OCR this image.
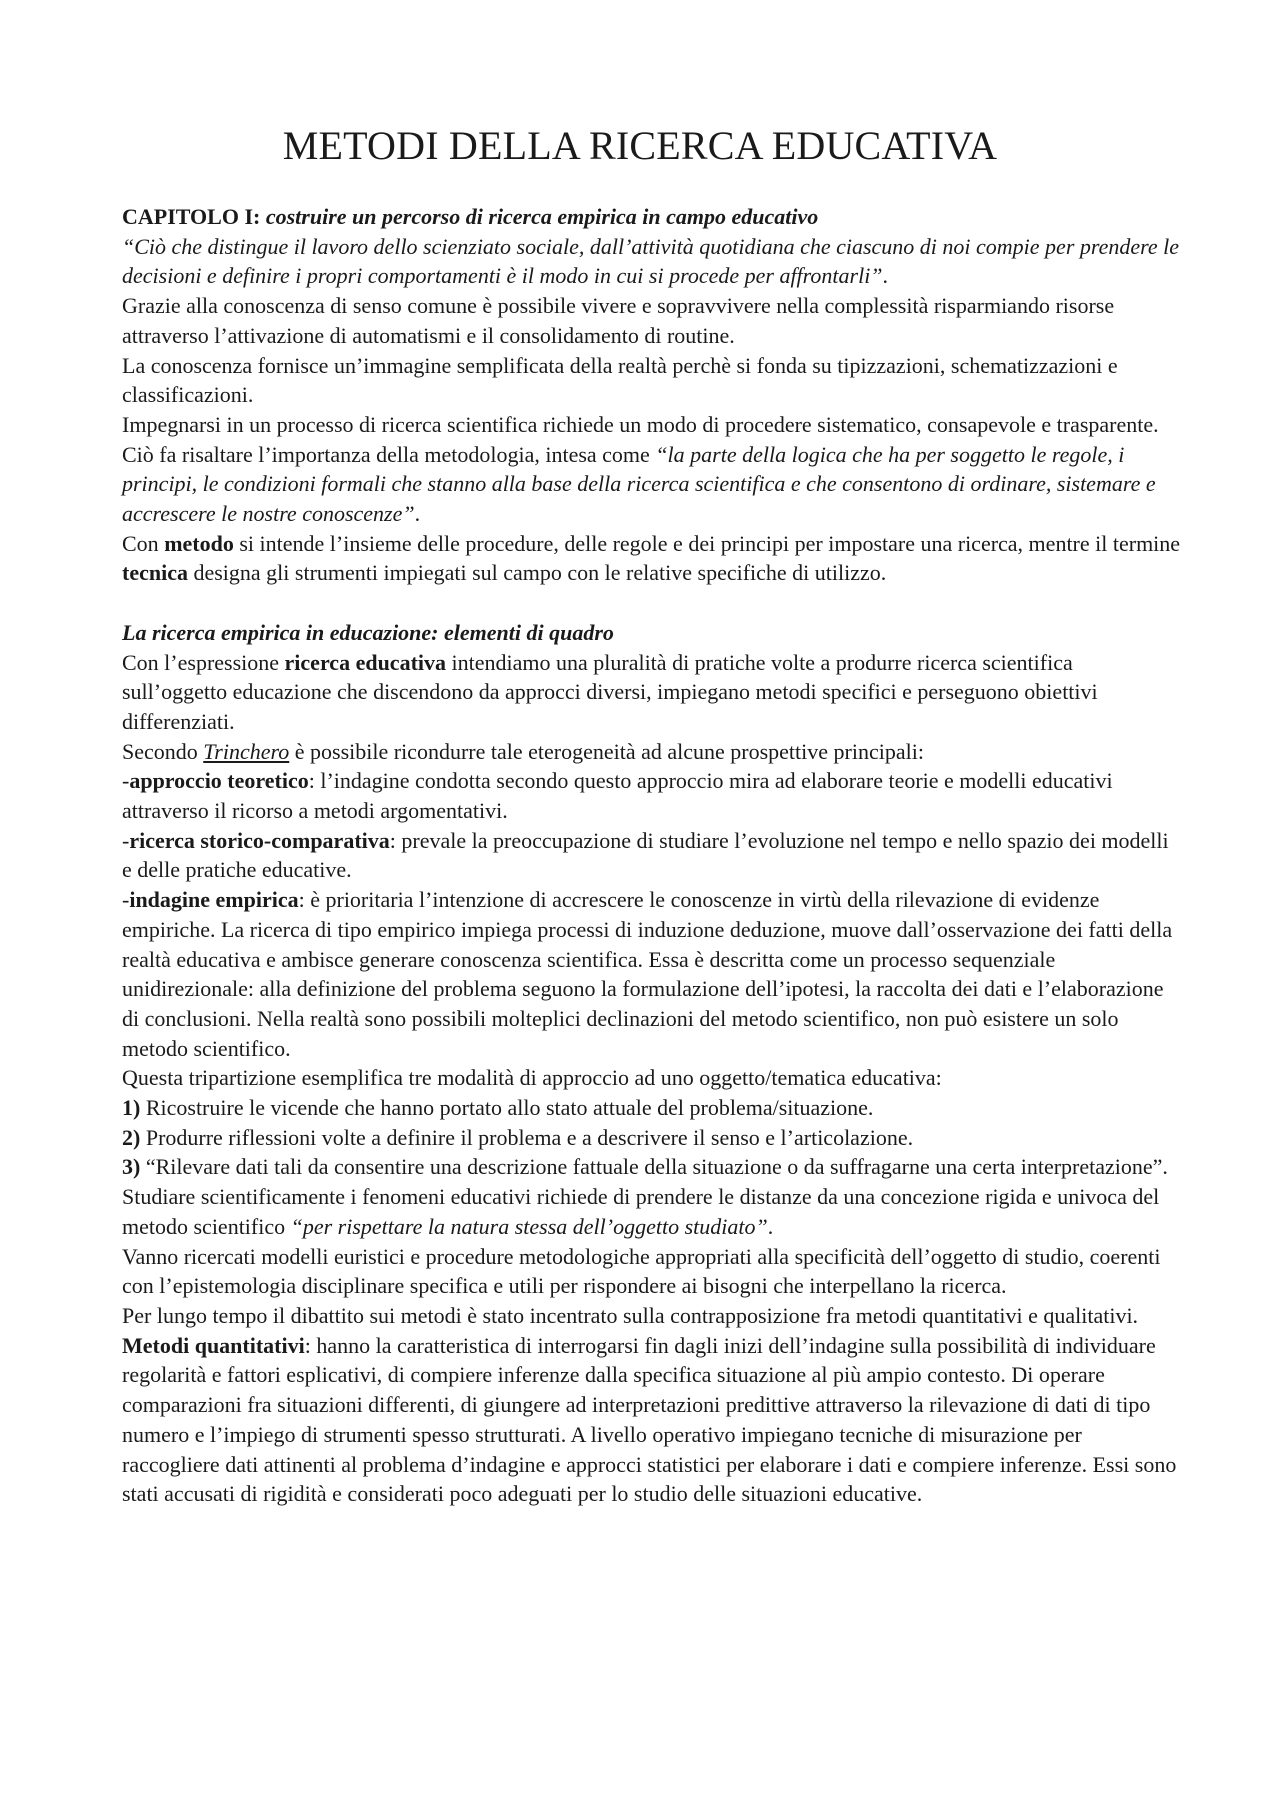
METODI DELLA RICERCA EDUCATIVA

CAPITOLO I: costruire un percorso di ricerca empirica in campo educativo

“Ciò che distingue il lavoro dello scienziato sociale, dall’attività quotidiana che ciascuno di noi compie per prendere le decisioni e definire i propri comportamenti è il modo in cui si procede per affrontarli”.

Grazie alla conoscenza di senso comune è possibile vivere e sopravvivere nella complessità risparmiando risorse attraverso l’attivazione di automatismi e il consolidamento di routine.

La conoscenza fornisce un’immagine semplificata della realtà perchè si fonda su tipizzazioni, schematizzazioni e classificazioni.

Impegnarsi in un processo di ricerca scientifica richiede un modo di procedere sistematico, consapevole e trasparente. Ciò fa risaltare l’importanza della metodologia, intesa come “la parte della logica che ha per soggetto le regole, i principi, le condizioni formali che stanno alla base della ricerca scientifica e che consentono di ordinare, sistemare e accrescere le nostre conoscenze”.

Con metodo si intende l’insieme delle procedure, delle regole e dei principi per impostare una ricerca, mentre il termine tecnica designa gli strumenti impiegati sul campo con le relative specifiche di utilizzo.

La ricerca empirica in educazione: elementi di quadro

Con l’espressione ricerca educativa intendiamo una pluralità di pratiche volte a produrre ricerca scientifica sull’oggetto educazione che discendono da approcci diversi, impiegano metodi specifici e perseguono obiettivi differenziati.

Secondo Trinchero è possibile ricondurre tale eterogeneità ad alcune prospettive principali:

-approccio teoretico: l’indagine condotta secondo questo approccio mira ad elaborare teorie e modelli educativi attraverso il ricorso a metodi argomentativi.

-ricerca storico-comparativa: prevale la preoccupazione di studiare l’evoluzione nel tempo e nello spazio dei modelli e delle pratiche educative.

-indagine empirica: è prioritaria l’intenzione di accrescere le conoscenze in virtù della rilevazione di evidenze empiriche. La ricerca di tipo empirico impiega processi di induzione deduzione, muove dall’osservazione dei fatti della realtà educativa e ambisce generare conoscenza scientifica. Essa è descritta come un processo sequenziale unidirezionale: alla definizione del problema seguono la formulazione dell’ipotesi, la raccolta dei dati e l’elaborazione di conclusioni. Nella realtà sono possibili molteplici declinazioni del metodo scientifico, non può esistere un solo metodo scientifico.

Questa tripartizione esemplifica tre modalità di approccio ad uno oggetto/tematica educativa:

1) Ricostruire le vicende che hanno portato allo stato attuale del problema/situazione.

2) Produrre riflessioni volte a definire il problema e a descrivere il senso e l’articolazione.

3) “Rilevare dati tali da consentire una descrizione fattuale della situazione o da suffragarne una certa interpretazione”.

Studiare scientificamente i fenomeni educativi richiede di prendere le distanze da una concezione rigida e univoca del metodo scientifico “per rispettare la natura stessa dell’oggetto studiato”.

Vanno ricercati modelli euristici e procedure metodologiche appropriati alla specificità dell’oggetto di studio, coerenti con l’epistemologia disciplinare specifica e utili per rispondere ai bisogni che interpellano la ricerca.

Per lungo tempo il dibattito sui metodi è stato incentrato sulla contrapposizione fra metodi quantitativi e qualitativi.

Metodi quantitativi: hanno la caratteristica di interrogarsi fin dagli inizi dell’indagine sulla possibilità di individuare regolarità e fattori esplicativi, di compiere inferenze dalla specifica situazione al più ampio contesto. Di operare comparazioni fra situazioni differenti, di giungere ad interpretazioni predittive attraverso la rilevazione di dati di tipo numero e l’impiego di strumenti spesso strutturati. A livello operativo impiegano tecniche di misurazione per raccogliere dati attinenti al problema d’indagine e approcci statistici per elaborare i dati e compiere inferenze. Essi sono stati accusati di rigidità e considerati poco adeguati per lo studio delle situazioni educative.
